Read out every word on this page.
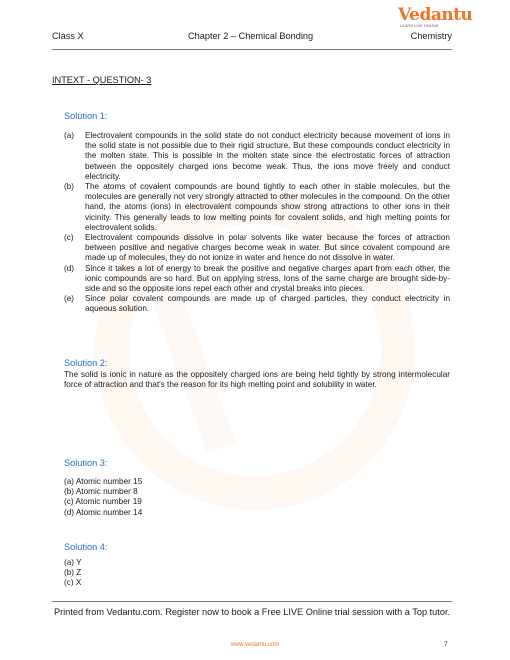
Vedantu
LEARN LIVE ONLINE
Class X	Chapter 2 – Chemical Bonding	Chemistry
INTEXT - QUESTION- 3
Solution 1:
(a)	Electrovalent compounds in the solid state do not conduct electricity because movement of ions in the solid state is not possible due to their rigid structure. But these compounds conduct electricity in the molten state. This is possible in the molten state since the electrostatic forces of attraction between the oppositely charged ions become weak. Thus, the ions move freely and conduct electricity.
(b)	The atoms of covalent compounds are bound tightly to each other in stable molecules, but the molecules are generally not very strongly attracted to other molecules in the compound. On the other hand, the atoms (ions) in electrovalent compounds show strong attractions to other ions in their vicinity. This generally leads to low melting points for covalent solids, and high melting points for electrovalent solids.
(c)	Electrovalent compounds dissolve in polar solvents like water because the forces of attraction between positive and negative charges become weak in water. But since covalent compound are made up of molecules, they do not ionize in water and hence do not dissolve in water.
(d)	Since it takes a lot of energy to break the positive and negative charges apart from each other, the ionic compounds are so hard. But on applying stress, Ions of the same charge are brought side-by-side and so the opposite ions repel each other and crystal breaks into pieces.
(e)	Since polar covalent compounds are made up of charged particles, they conduct electricity in aqueous solution.
Solution 2:
The solid is ionic in nature as the oppositely charged ions are being held tightly by strong intermolecular force of attraction and that's the reason for its high melting point and solubility in water.
Solution 3:
(a) Atomic number 15
(b) Atomic number 8
(c) Atomic number 19
(d) Atomic number 14
Solution 4:
(a) Y
(b) Z
(c) X
Printed from Vedantu.com. Register now to book a Free LIVE Online trial session with a Top tutor.
www.vedantu.com	7
